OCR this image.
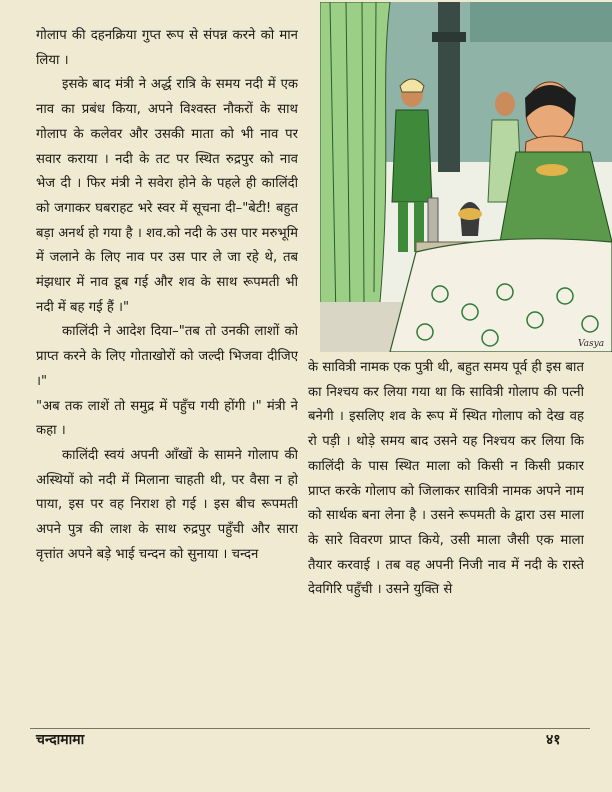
गोलाप की दहनक्रिया गुप्त रूप से संपन्न करने को मान लिया ।

इसके बाद मंत्री ने अर्द्ध रात्रि के समय नदी में एक नाव का प्रबंध किया, अपने विश्वस्त नौकरों के साथ गोलाप के कलेवर और उसकी माता को भी नाव पर सवार कराया । नदी के तट पर स्थित रुद्रपुर को नाव भेज दी । फिर मंत्री ने सवेरा होने के पहले ही कालिंदी को जगाकर घबराहट भरे स्वर में सूचना दी–"बेटी! बहुत बड़ा अनर्थ हो गया है । शव.को नदी के उस पार मरुभूमि में जलाने के लिए नाव पर उस पार ले जा रहे थे, तब मंझधार में नाव डूब गई और शव के साथ रूपमती भी नदी में बह गई हैं ।"

कालिंदी ने आदेश दिया–"तब तो उनकी लाशों को प्राप्त करने के लिए गोताखोरों को जल्दी भिजवा दीजिए ।"

"अब तक लाशें तो समुद्र में पहुँच गयी होंगी ।" मंत्री ने कहा ।

कालिंदी स्वयं अपनी आँखों के सामने गोलाप की अस्थियों को नदी में मिलाना चाहती थी, पर वैसा न हो पाया, इस पर वह निराश हो गई । इस बीच रूपमती अपने पुत्र की लाश के साथ रुद्रपुर पहुँची और सारा वृत्तांत अपने बड़े भाई चन्दन को सुनाया । चन्दन

Vasya

के सावित्री नामक एक पुत्री थी, बहुत समय पूर्व ही इस बात का निश्चय कर लिया गया था कि सावित्री गोलाप की पत्नी बनेगी । इसलिए शव के रूप में स्थित गोलाप को देख वह रो पड़ी । थोड़े समय बाद उसने यह निश्चय कर लिया कि कालिंदी के पास स्थित माला को किसी न किसी प्रकार प्राप्त करके गोलाप को जिलाकर सावित्री नामक अपने नाम को सार्थक बना लेना है । उसने रूपमती के द्वारा उस माला के सारे विवरण प्राप्त किये, उसी माला जैसी एक माला तैयार करवाई । तब वह अपनी निजी नाव में नदी के रास्ते देवगिरि पहुँची । उसने युक्ति से

चन्दामामा	४१
